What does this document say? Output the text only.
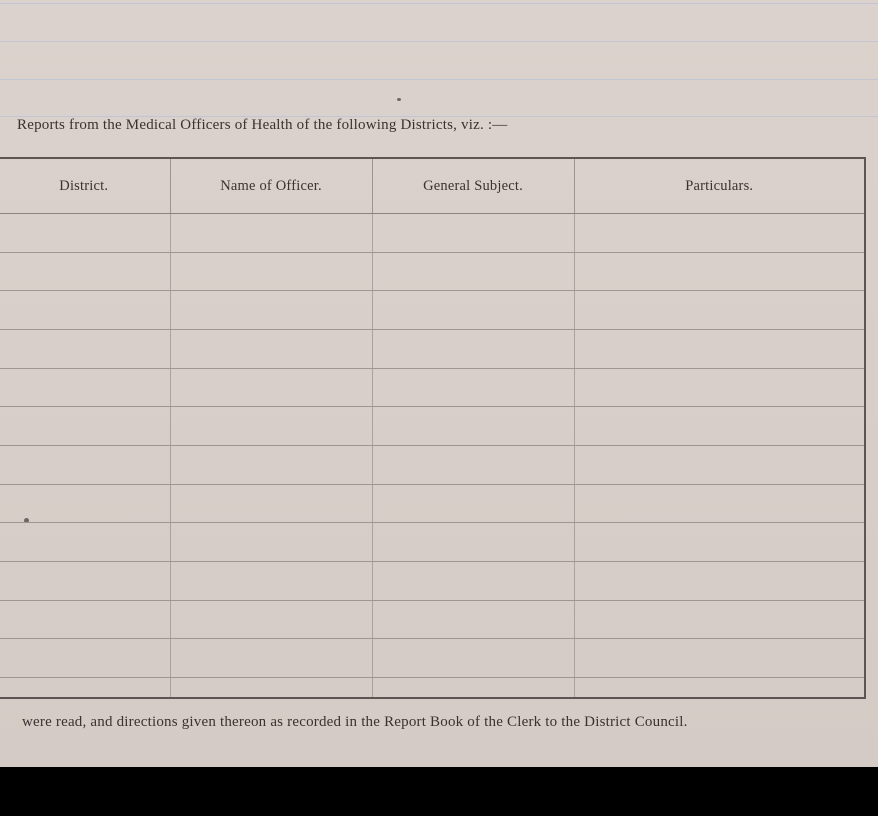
Reports from the Medical Officers of Health of the following Districts, viz. :—
District.	Name of Officer.	General Subject.	Particulars.

were read, and directions given thereon as recorded in the Report Book of the Clerk to the District Council.
